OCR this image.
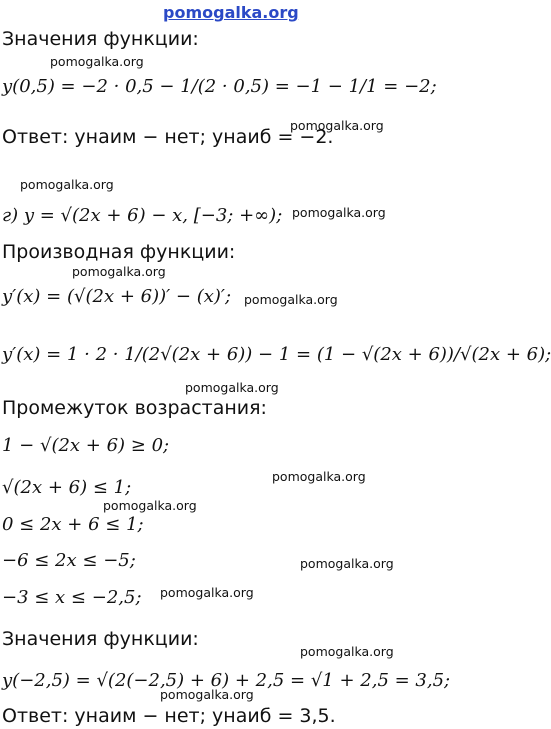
pomogalka.org
pomogalka.org
pomogalka.org
pomogalka.org
pomogalka.org
pomogalka.org
pomogalka.org
pomogalka.org
pomogalka.org
pomogalka.org
pomogalka.org
pomogalka.org
pomogalka.org
pomogalka.org
Значения функции:
y(0,5) = −2 · 0,5 − 1/(2 · 0,5) = −1 − 1/1 = −2;
Ответ: yнаим − нет; yнаиб = −2.
г) y = √(2x + 6) − x, [−3; +∞);
Производная функции:
y′(x) = (√(2x + 6))′ − (x)′;
y′(x) = 1 · 2 · 1/(2√(2x + 6)) − 1 = (1 − √(2x + 6))/√(2x + 6);
Промежуток возрастания:
1 − √(2x + 6) ≥ 0;
√(2x + 6) ≤ 1;
0 ≤ 2x + 6 ≤ 1;
−6 ≤ 2x ≤ −5;
−3 ≤ x ≤ −2,5;
Значения функции:
y(−2,5) = √(2(−2,5) + 6) + 2,5 = √1 + 2,5 = 3,5;
Ответ: yнаим − нет; yнаиб = 3,5.
